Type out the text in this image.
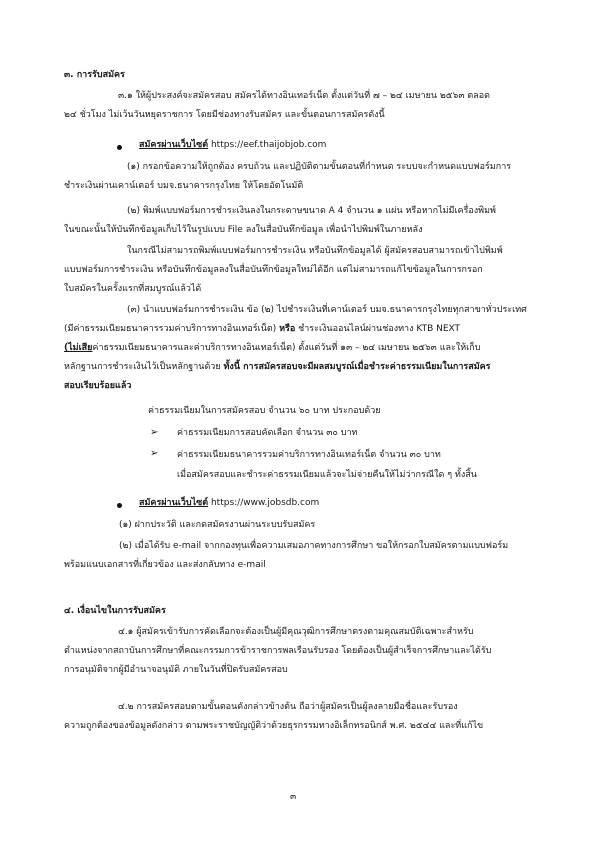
๓. การรับสมัคร
๓.๑ ให้ผู้ประสงค์จะสมัครสอบ สมัครได้ทางอินเทอร์เน็ต ตั้งแต่วันที่ ๗ – ๒๔ เมษายน ๒๕๖๓ ตลอด
๒๔ ชั่วโมง ไม่เว้นวันหยุดราชการ โดยมีช่องทางรับสมัคร และขั้นตอนการสมัครดังนี้
สมัครผ่านเว็บไซต์ https://eef.thaijobjob.com
(๑) กรอกข้อความให้ถูกต้อง ครบถ้วน และปฏิบัติตามขั้นตอนที่กำหนด ระบบจะกำหนดแบบฟอร์มการ
ชำระเงินผ่านเคาน์เตอร์ บมจ.ธนาคารกรุงไทย ให้โดยอัตโนมัติ
(๒) พิมพ์แบบฟอร์มการชำระเงินลงในกระดาษขนาด A 4 จำนวน ๑ แผ่น หรือหากไม่มีเครื่องพิมพ์
ในขณะนั้นให้บันทึกข้อมูลเก็บไว้ในรูปแบบ File ลงในสื่อบันทึกข้อมูล เพื่อนำไปพิมพ์ในภายหลัง
ในกรณีไม่สามารถพิมพ์แบบฟอร์มการชำระเงิน หรือบันทึกข้อมูลได้ ผู้สมัครสอบสามารถเข้าไปพิมพ์
แบบฟอร์มการชำระเงิน หรือบันทึกข้อมูลลงในสื่อบันทึกข้อมูลใหม่ได้อีก แต่ไม่สามารถแก้ไขข้อมูลในการกรอก
ใบสมัครในครั้งแรกที่สมบูรณ์แล้วได้
(๓) นำแบบฟอร์มการชำระเงิน ข้อ (๒) ไปชำระเงินที่เคาน์เตอร์ บมจ.ธนาคารกรุงไทยทุกสาขาทั่วประเทศ
(มีค่าธรรมเนียมธนาคารรวมค่าบริการทางอินเทอร์เน็ต) หรือ ชำระเงินออนไลน์ผ่านช่องทาง KTB NEXT
(ไม่เสียค่าธรรมเนียมธนาคารและค่าบริการทางอินเทอร์เน็ต) ตั้งแต่วันที่ ๑๓ – ๒๔ เมษายน ๒๕๖๓ และให้เก็บ
หลักฐานการชำระเงินไว้เป็นหลักฐานด้วย ทั้งนี้ การสมัครสอบจะมีผลสมบูรณ์เมื่อชำระค่าธรรมเนียมในการสมัคร
สอบเรียบร้อยแล้ว
ค่าธรรมเนียมในการสมัครสอบ จำนวน ๖๐ บาท ประกอบด้วย
➢ ค่าธรรมเนียมการสอบคัดเลือก จำนวน ๓๐ บาท
➢ ค่าธรรมเนียมธนาคารรวมค่าบริการทางอินเทอร์เน็ต จำนวน ๓๐ บาท
เมื่อสมัครสอบและชำระค่าธรรมเนียมแล้วจะไม่จ่ายคืนให้ไม่ว่ากรณีใด ๆ ทั้งสิ้น
สมัครผ่านเว็บไซต์ https://www.jobsdb.com
(๑) ฝากประวัติ และกดสมัครงานผ่านระบบรับสมัคร
(๒) เมื่อได้รับ e-mail จากกองทุนเพื่อความเสมอภาคทางการศึกษา ขอให้กรอกใบสมัครตามแบบฟอร์ม
พร้อมแนบเอกสารที่เกี่ยวข้อง และส่งกลับทาง e-mail
๔. เงื่อนไขในการรับสมัคร
๔.๑ ผู้สมัครเข้ารับการคัดเลือกจะต้องเป็นผู้มีคุณวุฒิการศึกษาตรงตามคุณสมบัติเฉพาะสำหรับ
ตำแหน่งจากสถาบันการศึกษาที่คณะกรรมการข้าราชการพลเรือนรับรอง โดยต้องเป็นผู้สำเร็จการศึกษาและได้รับ
การอนุมัติจากผู้มีอำนาจอนุมัติ ภายในวันที่ปิดรับสมัครสอบ
๔.๒ การสมัครสอบตามขั้นตอนดังกล่าวข้างต้น ถือว่าผู้สมัครเป็นผู้ลงลายมือชื่อและรับรอง
ความถูกต้องของข้อมูลดังกล่าว ตามพระราชบัญญัติว่าด้วยธุรกรรมทางอิเล็กทรอนิกส์ พ.ศ. ๒๕๔๔ และที่แก้ไข
๓
